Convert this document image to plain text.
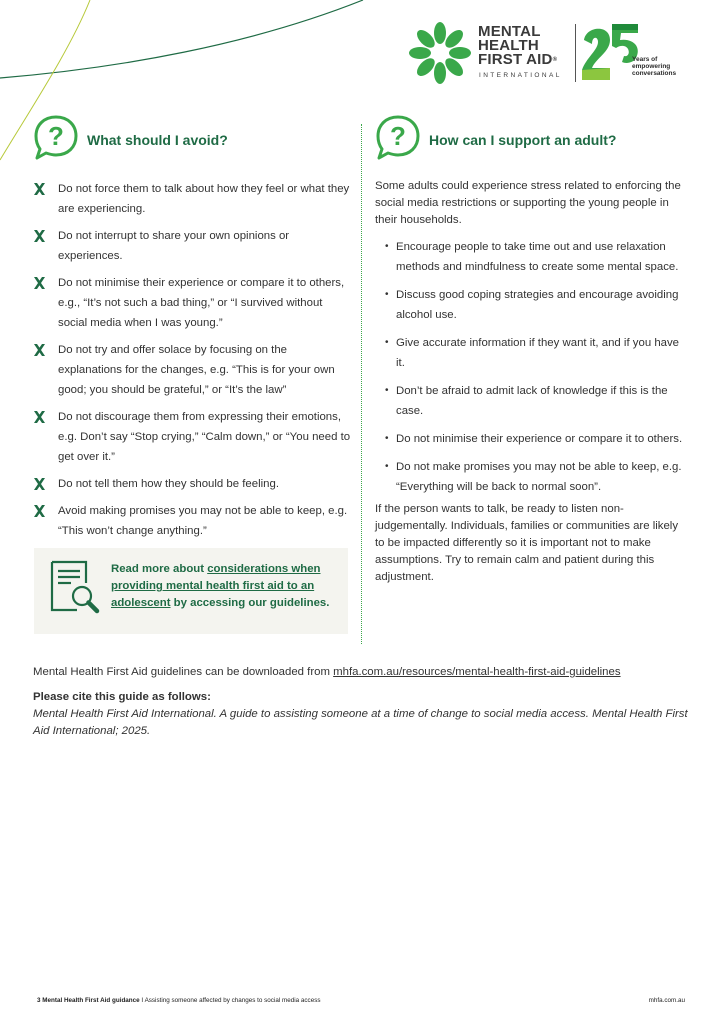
MENTAL
HEALTH
FIRST AID®
INTERNATIONAL
Years of
empowering
conversations
? What should I avoid?
Do not force them to talk about how they feel or what they are experiencing.
Do not interrupt to share your own opinions or experiences.
Do not minimise their experience or compare it to others, e.g., “It’s not such a bad thing,” or “I survived without social media when I was young.”
Do not try and offer solace by focusing on the explanations for the changes, e.g. “This is for your own good; you should be grateful,” or “It’s the law”
Do not discourage them from expressing their emotions, e.g. Don’t say “Stop crying,” “Calm down,” or “You need to get over it.”
Do not tell them how they should be feeling.
Avoid making promises you may not be able to keep, e.g. “This won’t change anything.”
Read more about considerations when providing mental health first aid to an adolescent by accessing our guidelines.
? How can I support an adult?

Some adults could experience stress related to enforcing the social media restrictions or supporting the young people in their households.

• Encourage people to take time out and use relaxation methods and mindfulness to create some mental space.
• Discuss good coping strategies and encourage avoiding alcohol use.
• Give accurate information if they want it, and if you have it.
• Don’t be afraid to admit lack of knowledge if this is the case.
• Do not minimise their experience or compare it to others.
• Do not make promises you may not be able to keep, e.g. “Everything will be back to normal soon”.

If the person wants to talk, be ready to listen non-judgementally. Individuals, families or communities are likely to be impacted differently so it is important not to make assumptions. Try to remain calm and patient during this adjustment.

Mental Health First Aid guidelines can be downloaded from mhfa.com.au/resources/mental-health-first-aid-guidelines

Please cite this guide as follows:

Mental Health First Aid International. A guide to assisting someone at a time of change to social media access. Mental Health First Aid International; 2025.

3 Mental Health First Aid guidance I Assisting someone affected by changes to social media access	mhfa.com.au
